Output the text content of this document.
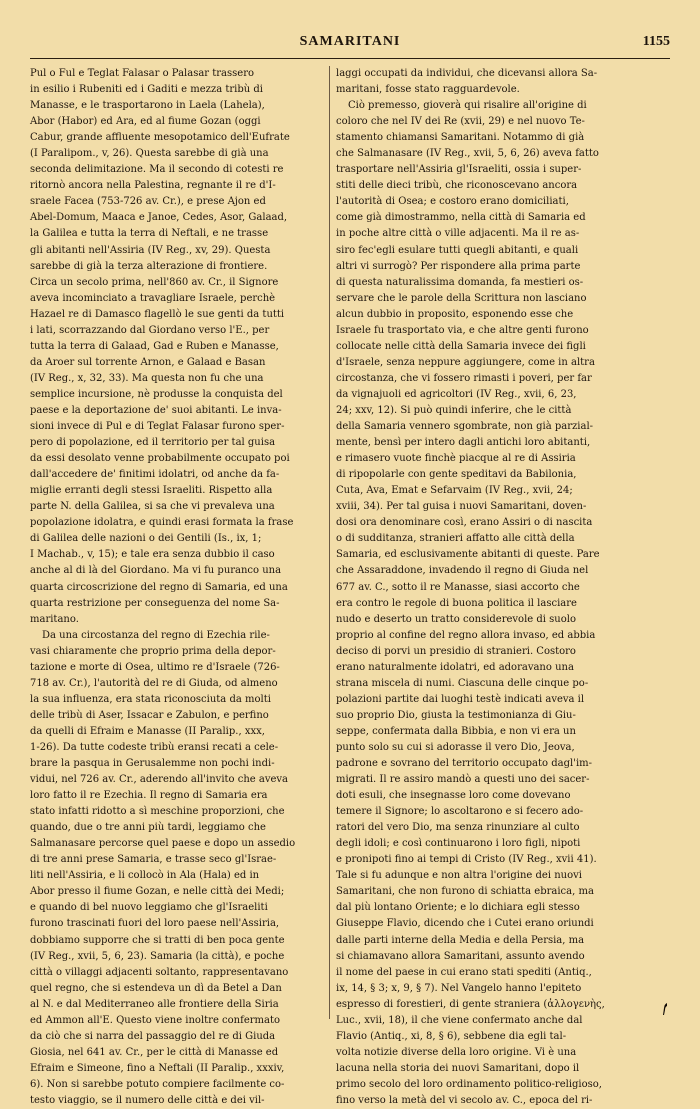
SAMARITANI	1155
Pul o Ful e Teglat Falasar o Palasar trassero
in esilio i Rubeniti ed i Gaditi e mezza tribù di
Manasse, e le trasportarono in Laela (Lahela),
Abor (Habor) ed Ara, ed al fiume Gozan (oggi
Cabur, grande affluente mesopotamico dell'Eufrate
(I Paralipom., v, 26). Questa sarebbe di già una
seconda delimitazione. Ma il secondo di cotesti re
ritornò ancora nella Palestina, regnante il re d'I-
sraele Facea (753-726 av. Cr.), e prese Ajon ed
Abel-Domum, Maaca e Janoe, Cedes, Asor, Galaad,
la Galilea e tutta la terra di Neftali, e ne trasse
gli abitanti nell'Assiria (IV Reg., xv, 29). Questa
sarebbe di già la terza alterazione di frontiere.
Circa un secolo prima, nell'860 av. Cr., il Signore
aveva incominciato a travagliare Israele, perchè
Hazael re di Damasco flagellò le sue genti da tutti
i lati, scorrazzando dal Giordano verso l'E., per
tutta la terra di Galaad, Gad e Ruben e Manasse,
da Aroer sul torrente Arnon, e Galaad e Basan
(IV Reg., x, 32, 33). Ma questa non fu che una
semplice incursione, nè produsse la conquista del
paese e la deportazione de' suoi abitanti. Le inva-
sioni invece di Pul e di Teglat Falasar furono sper-
pero di popolazione, ed il territorio per tal guisa
da essi desolato venne probabilmente occupato poi
dall'accedere de' finitimi idolatri, od anche da fa-
miglie erranti degli stessi Israeliti. Rispetto alla
parte N. della Galilea, si sa che vi prevaleva una
popolazione idolatra, e quindi erasi formata la frase
di Galilea delle nazioni o dei Gentili (Is., ix, 1;
I Machab., v, 15); e tale era senza dubbio il caso
anche al di là del Giordano. Ma vi fu puranco una
quarta circoscrizione del regno di Samaria, ed una
quarta restrizione per conseguenza del nome Sa-
maritano.
Da una circostanza del regno di Ezechia rile-
vasi chiaramente che proprio prima della depor-
tazione e morte di Osea, ultimo re d'Israele (726-
718 av. Cr.), l'autorità del re di Giuda, od almeno
la sua influenza, era stata riconosciuta da molti
delle tribù di Aser, Issacar e Zabulon, e perfino
da quelli di Efraim e Manasse (II Paralip., xxx,
1-26). Da tutte codeste tribù eransi recati a cele-
brare la pasqua in Gerusalemme non pochi indi-
vidui, nel 726 av. Cr., aderendo all'invito che aveva
loro fatto il re Ezechia. Il regno di Samaria era
stato infatti ridotto a sì meschine proporzioni, che
quando, due o tre anni più tardi, leggiamo che
Salmanasare percorse quel paese e dopo un assedio
di tre anni prese Samaria, e trasse seco gl'Israe-
liti nell'Assiria, e li collocò in Ala (Hala) ed in
Abor presso il fiume Gozan, e nelle città dei Medi;
e quando di bel nuovo leggiamo che gl'Israeliti
furono trascinati fuori del loro paese nell'Assiria,
dobbiamo supporre che si tratti di ben poca gente
(IV Reg., xvii, 5, 6, 23). Samaria (la città), e poche
città o villaggi adjacenti soltanto, rappresentavano
quel regno, che si estendeva un dì da Betel a Dan
al N. e dal Mediterraneo alle frontiere della Siria
ed Ammon all'E. Questo viene inoltre confermato
da ciò che si narra del passaggio del re di Giuda
Giosia, nel 641 av. Cr., per le città di Manasse ed
Efraim e Simeone, fino a Neftali (II Paralip., xxxiv,
6). Non si sarebbe potuto compiere facilmente co-
testo viaggio, se il numero delle città e dei vil-
laggi occupati da individui, che dicevansi allora Sa-
maritani, fosse stato ragguardevole.
Ciò premesso, gioverà qui risalire all'origine di
coloro che nel IV dei Re (xvii, 29) e nel nuovo Te-
stamento chiamansi Samaritani. Notammo di già
che Salmanasare (IV Reg., xvii, 5, 6, 26) aveva fatto
trasportare nell'Assiria gl'Israeliti, ossia i super-
stiti delle dieci tribù, che riconoscevano ancora
l'autorità di Osea; e costoro erano domiciliati,
come già dimostrammo, nella città di Samaria ed
in poche altre città o ville adjacenti. Ma il re as-
siro fec'egli esulare tutti quegli abitanti, e quali
altri vi surrogò? Per rispondere alla prima parte
di questa naturalissima domanda, fa mestieri os-
servare che le parole della Scrittura non lasciano
alcun dubbio in proposito, esponendo esse che
Israele fu trasportato via, e che altre genti furono
collocate nelle città della Samaria invece dei figli
d'Israele, senza neppure aggiungere, come in altra
circostanza, che vi fossero rimasti i poveri, per far
da vignajuoli ed agricoltori (IV Reg., xvii, 6, 23,
24; xxv, 12). Si può quindi inferire, che le città
della Samaria vennero sgombrate, non già parzial-
mente, bensì per intero dagli antichi loro abitanti,
e rimasero vuote finchè piacque al re di Assiria
di ripopolarle con gente speditavi da Babilonia,
Cuta, Ava, Emat e Sefarvaim (IV Reg., xvii, 24;
xviii, 34). Per tal guisa i nuovi Samaritani, doven-
dosi ora denominare così, erano Assiri o di nascita
o di sudditanza, stranieri affatto alle città della
Samaria, ed esclusivamente abitanti di queste. Pare
che Assaraddone, invadendo il regno di Giuda nel
677 av. C., sotto il re Manasse, siasi accorto che
era contro le regole di buona politica il lasciare
nudo e deserto un tratto considerevole di suolo
proprio al confine del regno allora invaso, ed abbia
deciso di porvi un presidio di stranieri. Costoro
erano naturalmente idolatri, ed adoravano una
strana miscela di numi. Ciascuna delle cinque po-
polazioni partite dai luoghi testè indicati aveva il
suo proprio Dio, giusta la testimonianza di Giu-
seppe, confermata dalla Bibbia, e non vi era un
punto solo su cui si adorasse il vero Dio, Jeova,
padrone e sovrano del territorio occupato dagl'im-
migrati. Il re assiro mandò a questi uno dei sacer-
doti esuli, che insegnasse loro come dovevano
temere il Signore; lo ascoltarono e si fecero ado-
ratori del vero Dio, ma senza rinunziare al culto
degli idoli; e così continuarono i loro figli, nipoti
e pronipoti fino ai tempi di Cristo (IV Reg., xvii 41).
Tale si fu adunque e non altra l'origine dei nuovi
Samaritani, che non furono di schiatta ebraica, ma
dal più lontano Oriente; e lo dichiara egli stesso
Giuseppe Flavio, dicendo che i Cutei erano oriundi
dalle parti interne della Media e della Persia, ma
si chiamavano allora Samaritani, assunto avendo
il nome del paese in cui erano stati spediti (Antiq.,
ix, 14, § 3; x, 9, § 7). Nel Vangelo hanno l'epiteto
espresso di forestieri, di gente straniera (ἀλλογενὴς,
Luc., xvii, 18), il che viene confermato anche dal
Flavio (Antiq., xi, 8, § 6), sebbene dia egli tal-
volta notizie diverse della loro origine. Vi è una
lacuna nella storia dei nuovi Samaritani, dopo il
primo secolo del loro ordinamento politico-religioso,
fino verso la metà del vi secolo av. C., epoca del ri-
